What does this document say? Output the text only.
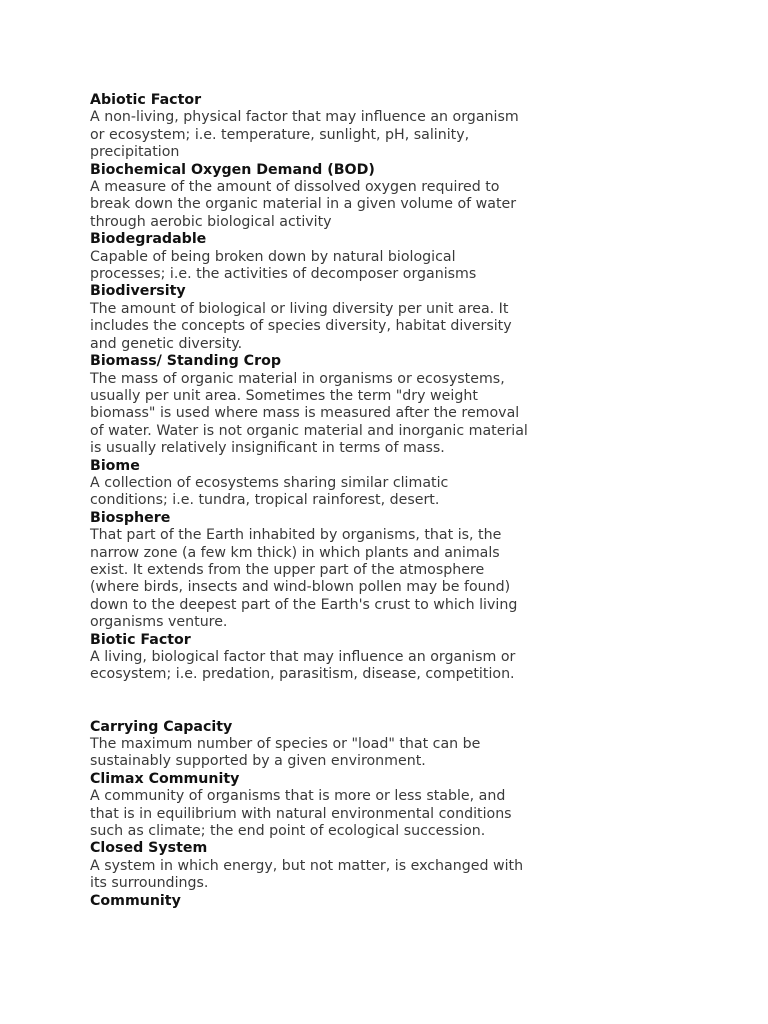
Abiotic Factor

A non-living, physical factor that may influence an organism or ecosystem; i.e. temperature, sunlight, pH, salinity, precipitation

Biochemical Oxygen Demand (BOD)

A measure of the amount of dissolved oxygen required to break down the organic material in a given volume of water through aerobic biological activity

Biodegradable

Capable of being broken down by natural biological processes; i.e. the activities of decomposer organisms

Biodiversity

The amount of biological or living diversity per unit area. It includes the concepts of species diversity, habitat diversity and genetic diversity.

Biomass/ Standing Crop

The mass of organic material in organisms or ecosystems, usually per unit area. Sometimes the term "dry weight biomass" is used where mass is measured after the removal of water. Water is not organic material and inorganic material is usually relatively insignificant in terms of mass.

Biome

A collection of ecosystems sharing similar climatic conditions; i.e. tundra, tropical rainforest, desert.

Biosphere

That part of the Earth inhabited by organisms, that is, the narrow zone (a few km thick) in which plants and animals exist. It extends from the upper part of the atmosphere (where birds, insects and wind-blown pollen may be found) down to the deepest part of the Earth's crust to which living organisms venture.

Biotic Factor

A living, biological factor that may influence an organism or ecosystem; i.e. predation, parasitism, disease, competition.

Carrying Capacity

The maximum number of species or "load" that can be sustainably supported by a given environment.

Climax Community

A community of organisms that is more or less stable, and that is in equilibrium with natural environmental conditions such as climate; the end point of ecological succession.

Closed System

A system in which energy, but not matter, is exchanged with its surroundings.

Community
